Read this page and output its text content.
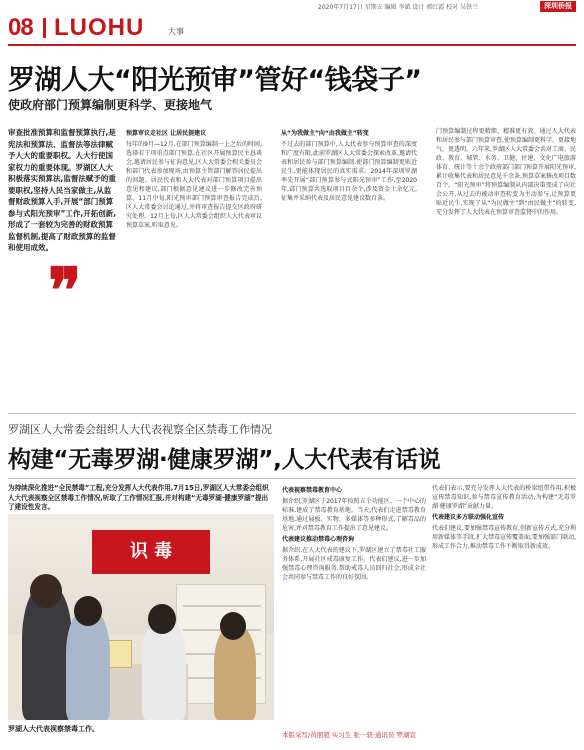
2020年7月17日 星期五 编辑 李斌 设计 郭红霞 校对 吴铁兰	深圳侨报
08 LUOHU	大事
罗湖人大“阳光预审”管好“钱袋子”
使政府部门预算编制更科学、更接地气

审查批准预算和监督预算执行,是宪法和预算法、监督法等法律赋予人大的重要职权。人大行使国家权力的重要体现。罗湖区人大积极落实预算法,监督法赋予的重要职权,坚持人民当家做主,从监督财政预算入手,开展“部门预算参与式阳光预审”工作,开拓创新,形成了一套较为完善的财政预算监督机制,提高了财政预算的监督和使用成效。

❞
预算审议走社区 让居民提建议
每年的9月—12月,在部门预算编制一上之后的时间,选择若干项重点部门预算,在社区开展预算民主恳谈会,邀请居民参与征询意见,区人大常委会相关委员会和部门代表参加现场,由预算主管部门解答居民提出的问题。居民代表和人大代表对部门预算项目提出意见和建议,部门根据意见建议进一步修改完善预算。11月中旬,阳光预审部门预算审查报告完成后,区人大常委会讨论通过,并将审查报告提交区政府研究处理。12月上旬,区人大常委会组织人大代表审议预算草案,听取意见。
从“为我做主”向“由我做主”转变
不过去的部门预算中,人大代表参与预算审查的深度和广度有限,此前罗湖区人大常委会探索改革,邀请代表和居民参与部门预算编制,使部门预算编制更贴近民生,更能体现居民的真实需求。2014年深圳罗湖率先开展“部门预算参与式阳光预审”工作,至2020年,部门预算共选取项目百余个,涉及资金十余亿元,征集并采纳代表及居民意见建议数百条。
门预算编制过程更精细、精准更有效。通过人大代表和居民参与部门预算审查,使预算编制更科学、更接地气、更透明。六年来,罗湖区人大常委会共对工商、民政、教育、城管、水务、卫健、住建、文化广电旅游体育、统计等十余个政府部门部门预算开展阳光预审,累计收集代表和居民意见千余条,预算草案修改项目数百个。“阳光预审”将预算编制从内部决策变成了向社会公开,从过去的被动审查转变为主动参与,让预算更贴近民生,实现了从“为民做主”到“由民做主”的转变,充分发挥了人大代表在预算审查监督中的作用。
罗湖区人大常委会组织人大代表视察全区禁毒工作情况
构建“无毒罗湖·健康罗湖”,人大代表有话说

为持续深化推进“全民禁毒”工程,充分发挥人大代表作用,7月15日,罗湖区人大常委会组织人大代表视察全区禁毒工作情况,听取了工作情况汇报,并对构建“无毒罗湖·健康罗湖”提出了建设性发言。

识 毒
罗湖人大代表视察禁毒工作。
代表视察禁毒教育中心
据介绍,罗湖区于2017年按照五个功能区、一个中心的标准,建成了禁毒教育基地。当天,代表们走进禁毒教育基地,通过展板、实物、多媒体等多种形式,了解毒品的危害,并对禁毒教育工作提出了意见建议。
代表建议推动禁毒心理咨询
据介绍,在人大代表的建议下,罗湖区建立了禁毒社工服务体系,开展社区戒毒康复工作。代表们建议,进一步加强禁毒心理咨询服务,帮助戒毒人员回归社会,形成全社会共同参与禁毒工作的良好氛围。
代表们表示,要充分发挥人大代表的桥梁纽带作用,积极宣传禁毒知识,参与禁毒宣传教育活动,为构建“无毒罗湖·健康罗湖”贡献力量。
代表建议多方联动强化宣传
代表们建议,要加强禁毒宣传教育,创新宣传方式,充分利用新媒体等手段,扩大禁毒宣传覆盖面;要加强部门联动,形成工作合力,推动禁毒工作不断取得新成效。
本版采写/黄朋超 实习生 张一骁 通讯员 罗湖宣
